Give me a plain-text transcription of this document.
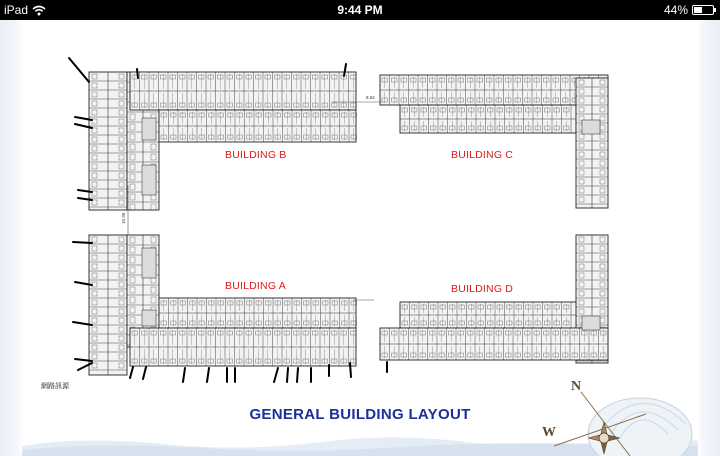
iPad	9:44 PM	44%
8.52
10.30
BUILDING B	BUILDING C
BUILDING A	BUILDING D
網路訊源
GENERAL BUILDING LAYOUT
N
W
